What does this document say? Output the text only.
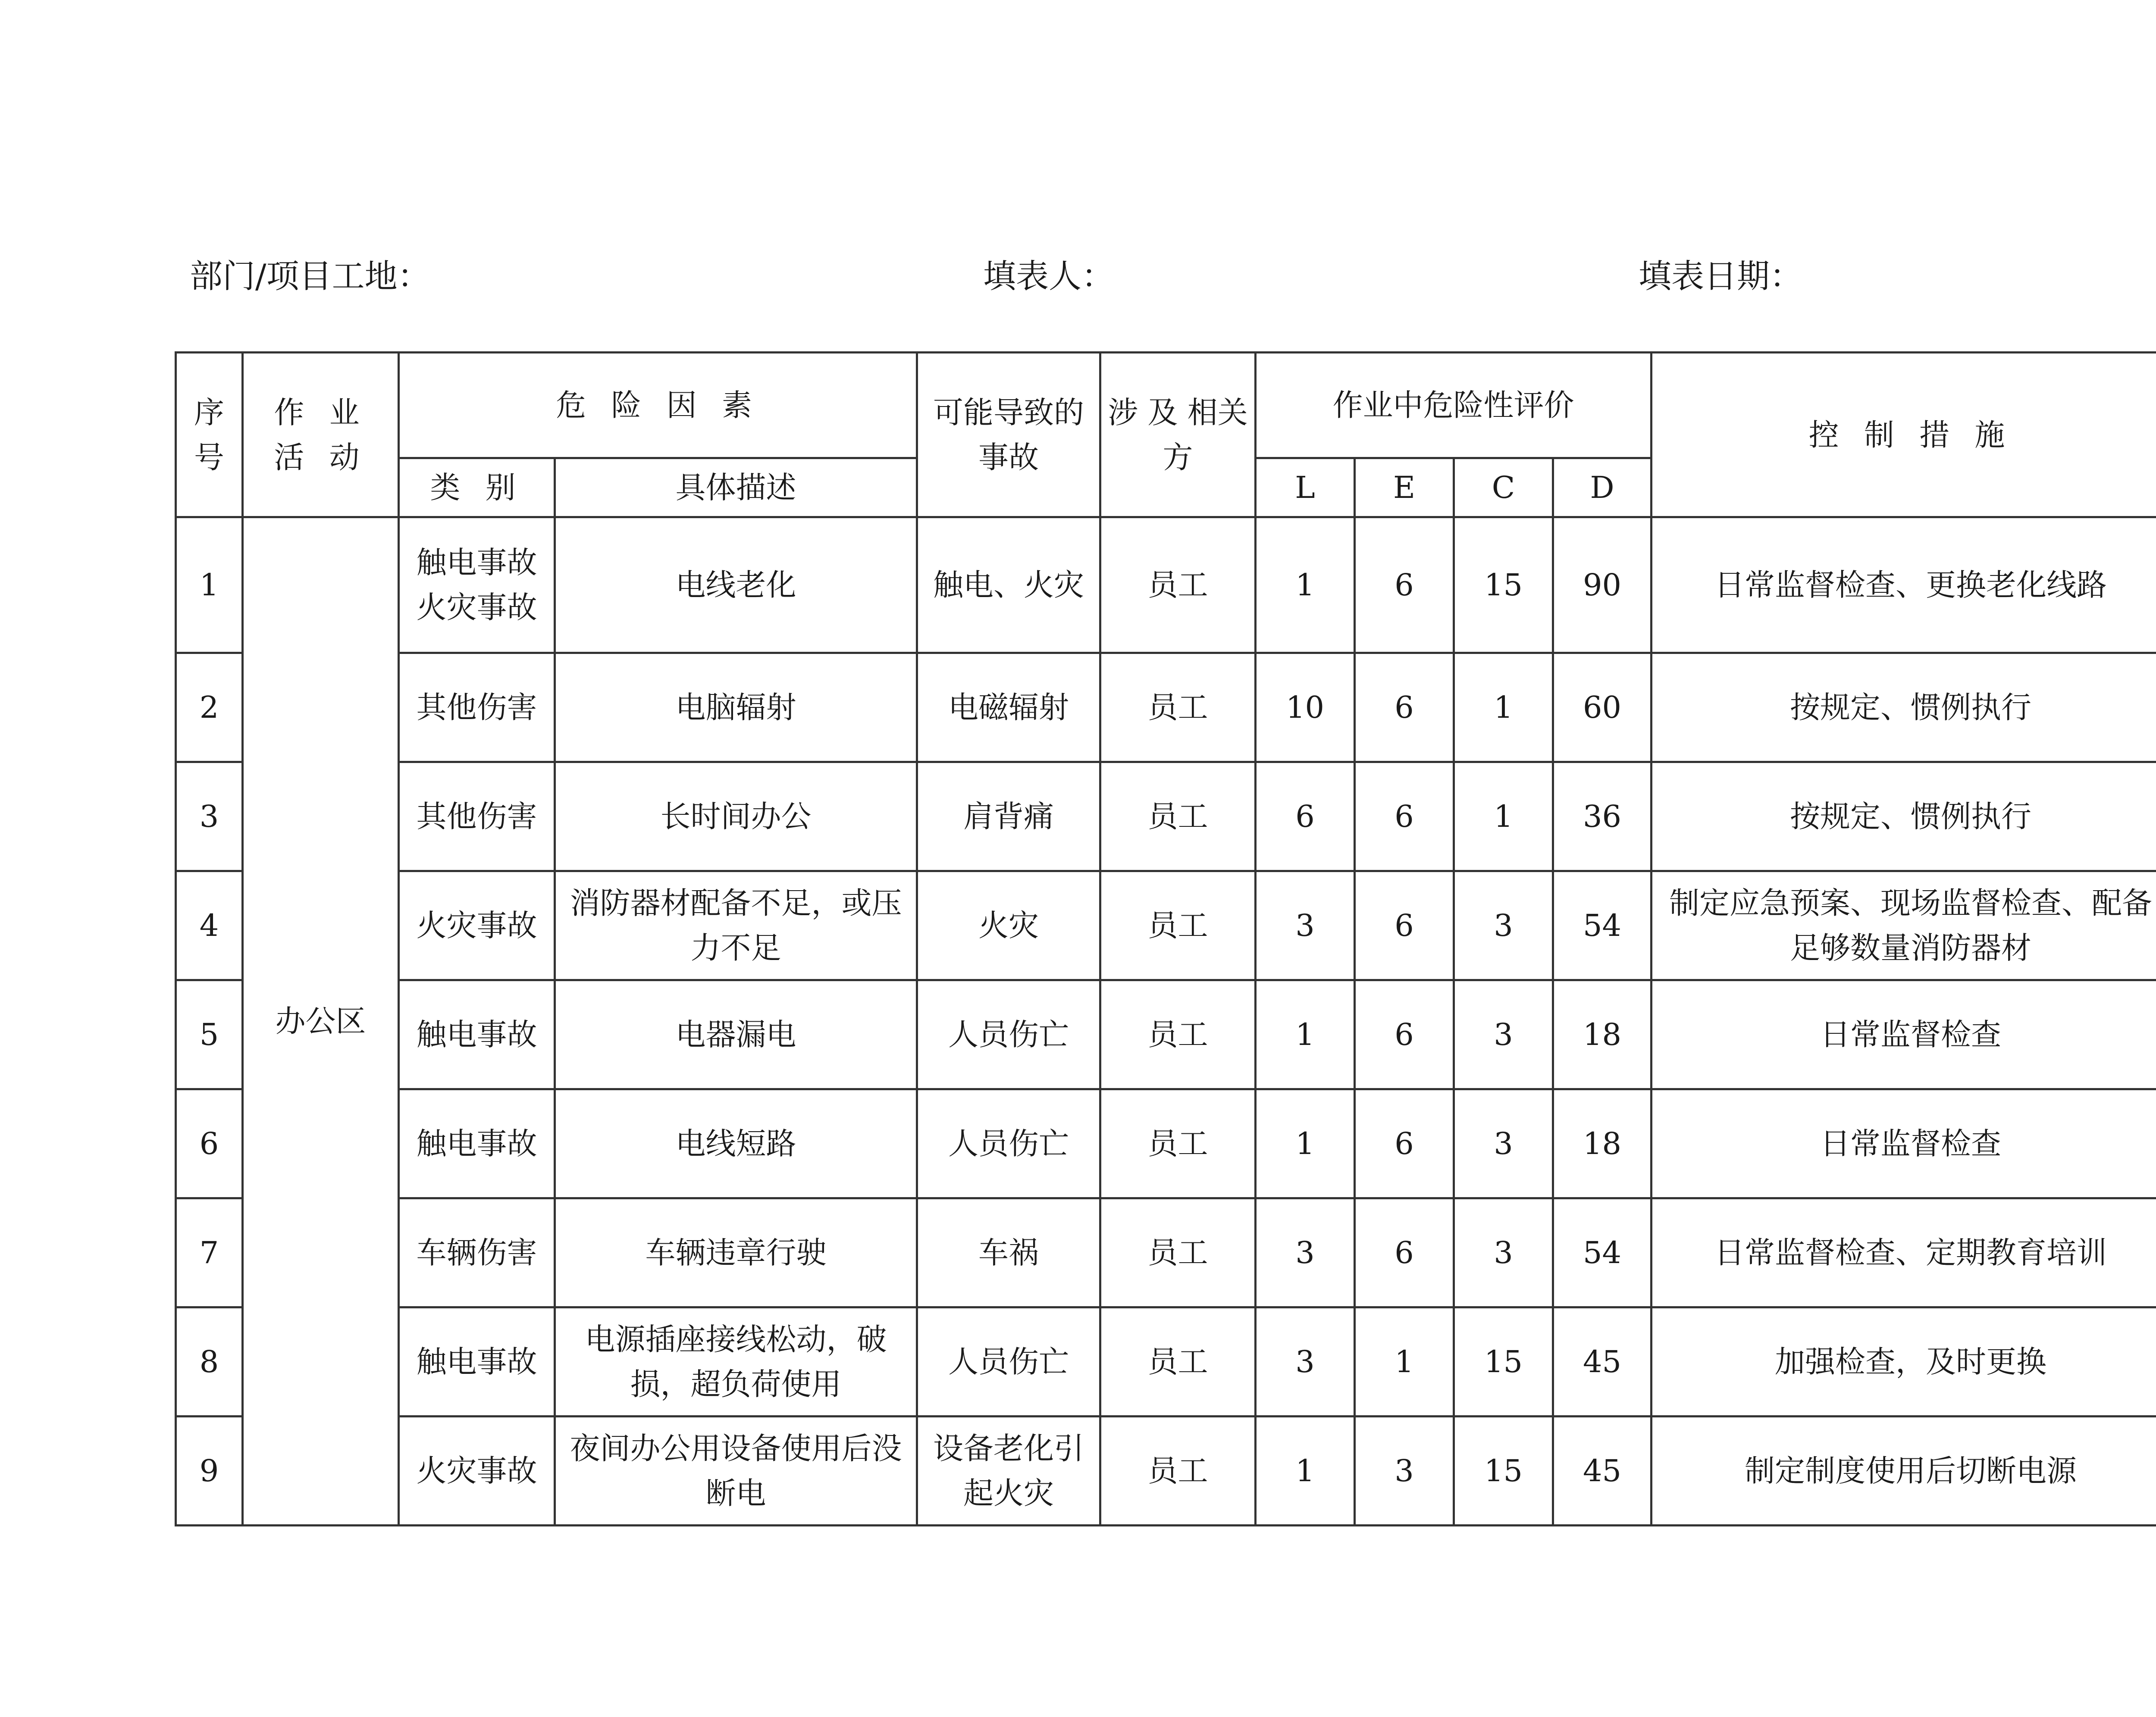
部门/项目工地：	填表人：	填表日期：
序号	作 业 活 动	危 险 因 素		可能导致的事故	涉 及 相关方	作业中危险性评价				控 制 措 施	
		类 别	具体描述			L	E	C	D		
1	办公区	触电事故火灾事故	电线老化	触电、火灾	员工	1	6	15	90	日常监督检查、更换老化线路	
2		其他伤害	电脑辐射	电磁辐射	员工	10	6	1	60	按规定、惯例执行	
3		其他伤害	长时间办公	肩背痛	员工	6	6	1	36	按规定、惯例执行	
4		火灾事故	消防器材配备不足，或压力不足	火灾	员工	3	6	3	54	制定应急预案、现场监督检查、配备足够数量消防器材	
5		触电事故	电器漏电	人员伤亡	员工	1	6	3	18	日常监督检查	
6		触电事故	电线短路	人员伤亡	员工	1	6	3	18	日常监督检查	
7		车辆伤害	车辆违章行驶	车祸	员工	3	6	3	54	日常监督检查、定期教育培训	
8		触电事故	电源插座接线松动，破损，超负荷使用	人员伤亡	员工	3	1	15	45	加强检查，及时更换	
9		火灾事故	夜间办公用设备使用后没断电	设备老化引起火灾	员工	1	3	15	45	制定制度使用后切断电源	
